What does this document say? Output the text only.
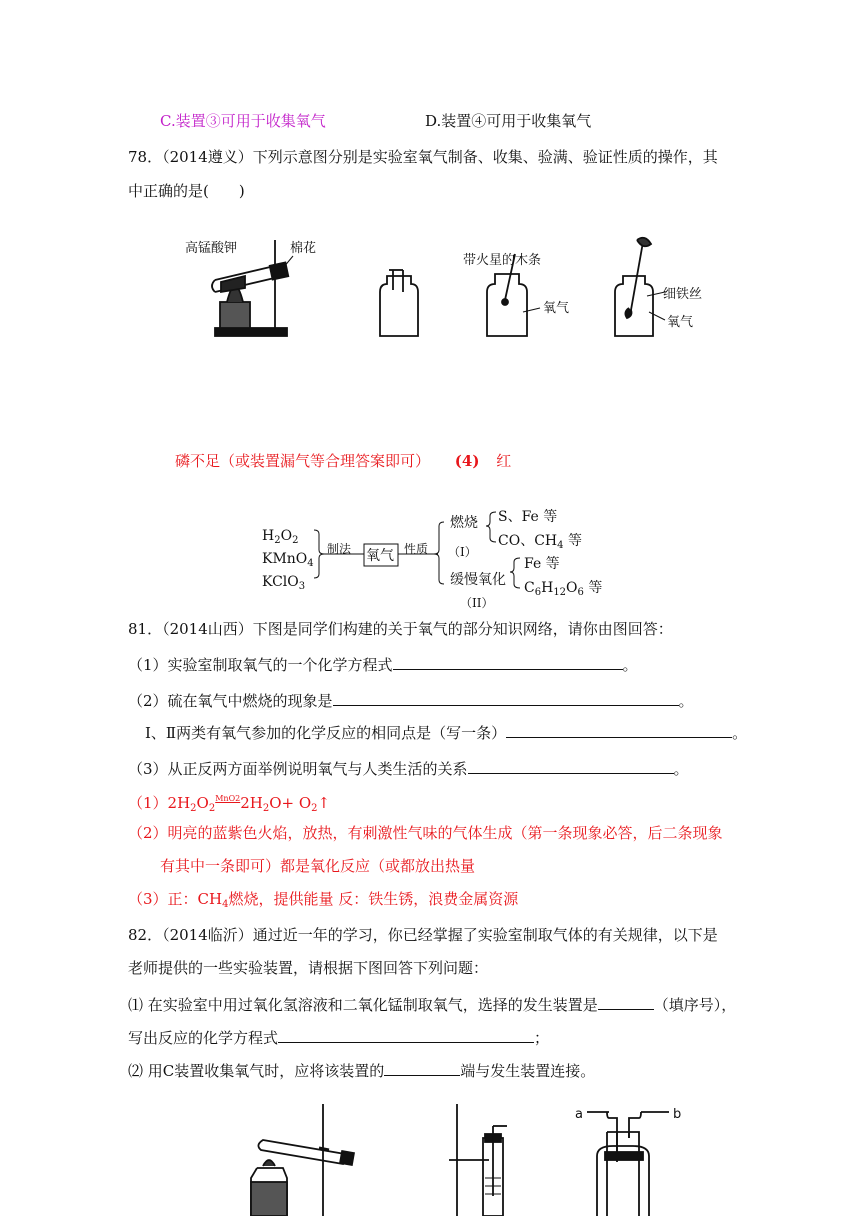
C.装置③可用于收集氧气	D.装置④可用于收集氧气
78．（2014遵义）下列示意图分别是实验室氧气制备、收集、验满、验证性质的操作，其
中正确的是(　　)
高锰酸钾	棉花
带火星的木条
氧气
细铁丝
氧气
磷不足（或装置漏气等合理答案即可） (4) 红
$H_2O_2$
KMnO$_4$
KClO$_3$
制法 氧气 性质
燃烧
（I）
S、Fe 等
CO、$CH_4$ 等
缓慢氧化
（II）
Fe 等
$C_6H_{12}O_6$ 等
81．（2014山西）下图是同学们构建的关于氧气的部分知识网络，请你由图回答：
（1）实验室制取氧气的一个化学方程式	。
（2）硫在氧气中燃烧的现象是	。
Ⅰ、Ⅱ两类有氧气参加的化学反应的相同点是（写一条）	。
（3）从正反两方面举例说明氧气与人类生活的关系	。
$(1)2H_2O_2^{MnO2}2H_2O+$ $O_2↑$
（2）明亮的蓝紫色火焰，放热，有刺激性气味的气体生成（第一条现象必答，后二条现象
有其中一条即可）都是氧化反应（或都放出热量
（3）正：$CH_4$燃烧，提供能量 反：铁生锈，浪费金属资源
82．（2014临沂）通过近一年的学习，你已经掌握了实验室制取气体的有关规律，以下是
老师提供的一些实验装置，请根据下图回答下列问题：
⑴ 在实验室中用过氧化氢溶液和二氧化锰制取氧气，选择的发生装置是	（填序号），
写出反应的化学方程式	；
⑵ 用C装置收集氧气时，应将该装置的	端与发生装置连接。
a	b
